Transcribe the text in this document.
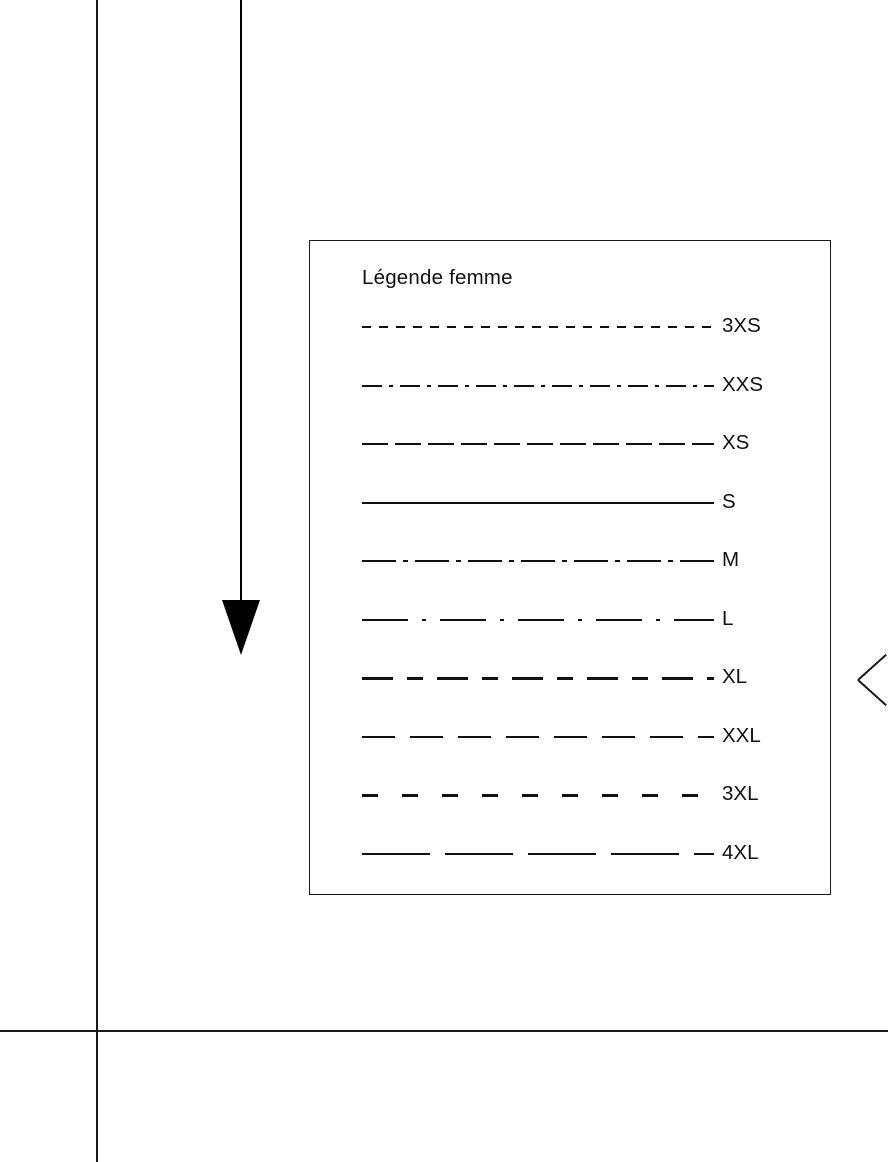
Légende femme
3XS
XXS
XS
S
M
L
XL
XXL
3XL
4XL
